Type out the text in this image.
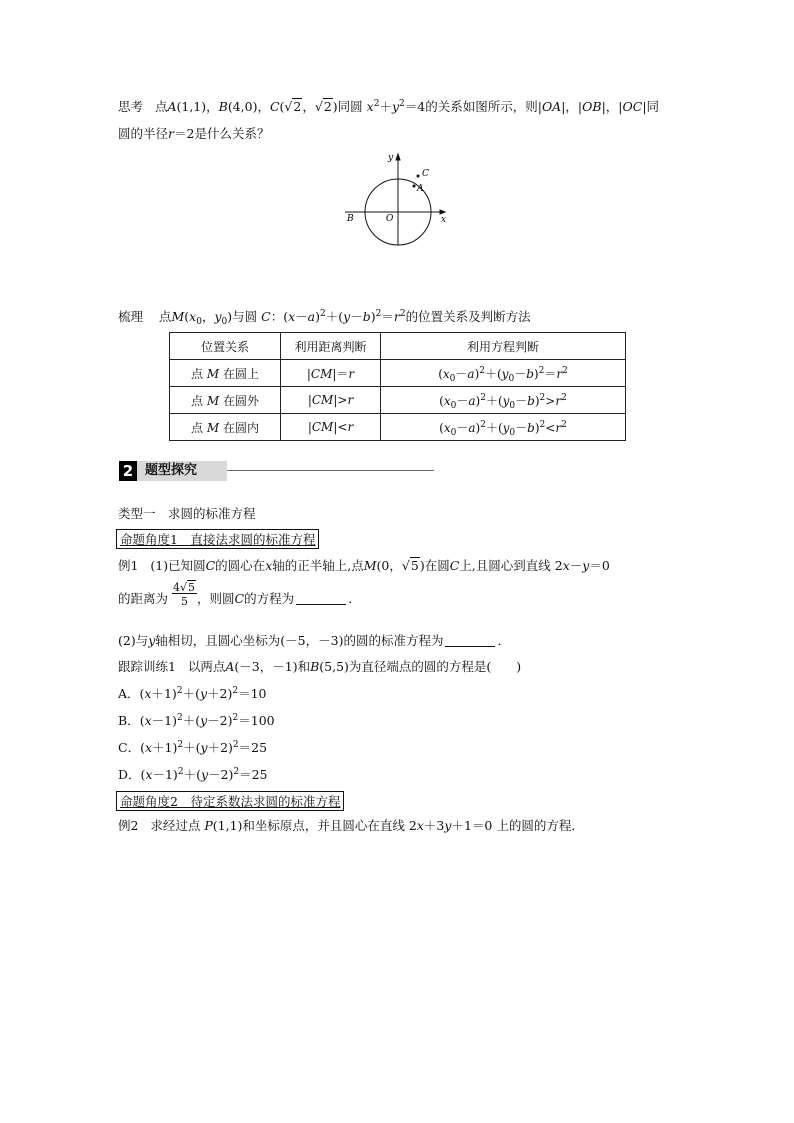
思考 点A(1,1)，B(4,0)，C(√2，√2)同圆 $x^2+y^2=4$的关系如图所示，则|OA|，|OB|，|OC|同
圆的半径r＝2是什么关系？
y
x
C
A
B	O
梳理 点$M(x_0$，$y_0$)与圆 C：$(x-a)^2+(y-b)^2=r^2$的位置关系及判断方法
位置关系	利用距离判断	利用方程判断
点 M 在圆上	|CM|＝r	$(x_0-a)^2+(y_0-b)^2=r^2$
点 M 在圆外	|CM|>r	$(x_0-a)^2+(y_0-b)^2>r^2$
点 M 在圆内	|CM|<r	$(x_0-a)^2+(y_0-b)^2<r^2$
2 题型探究
类型一　求圆的标准方程
命题角度1　直接法求圆的标准方程
例1 (1)已知圆C的圆心在x轴的正半轴上,点M(0，√5)在圆C上,且圆心到直线 2x－y＝0
的距离为 $\frac{4√5}{5}$ ，则圆C的方程为	．
(2)与y轴相切，且圆心坐标为(－5，－3)的圆的标准方程为	．
跟踪训练1 以两点A(－3，－1)和B(5,5)为直径端点的圆的方程是(　　)
A．$(x+1)^2+(y+2)^2=10$
B．$(x-1)^2+(y-2)^2=100$
C．$(x+1)^2+(y+2)^2=25$
D．$(x-1)^2+(y-2)^2=25$
命题角度2　待定系数法求圆的标准方程
例2 求经过点 P(1,1)和坐标原点，并且圆心在直线 2x＋3y＋1＝0 上的圆的方程．
